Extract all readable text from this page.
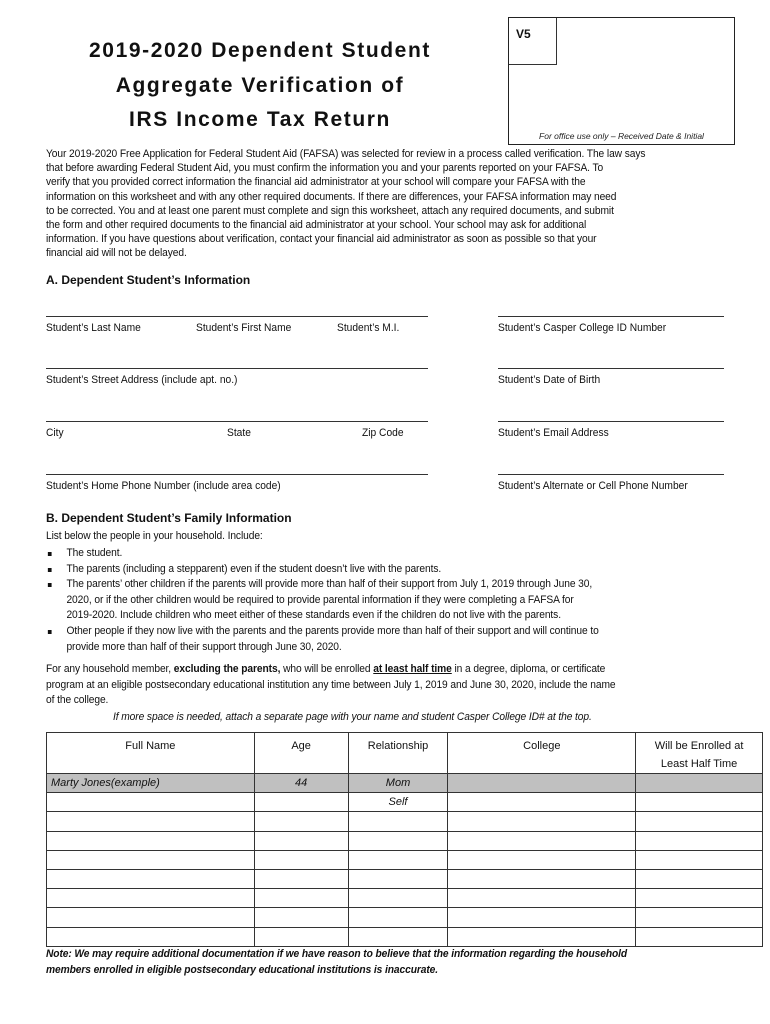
2019-2020 Dependent Student
Aggregate Verification of
IRS Income Tax Return
V5
For office use only – Received Date & Initial
Your 2019-2020 Free Application for Federal Student Aid (FAFSA) was selected for review in a process called verification. The law says
that before awarding Federal Student Aid, you must confirm the information you and your parents reported on your FAFSA. To
verify that you provided correct information the financial aid administrator at your school will compare your FAFSA with the
information on this worksheet and with any other required documents. If there are differences, your FAFSA information may need
to be corrected. You and at least one parent must complete and sign this worksheet, attach any required documents, and submit
the form and other required documents to the financial aid administrator at your school. Your school may ask for additional
information. If you have questions about verification, contact your financial aid administrator as soon as possible so that your
financial aid will not be delayed.
A. Dependent Student’s Information
Student’s Last Name	Student’s First Name	Student’s M.I.	Student’s Casper College ID Number
Student’s Street Address (include apt. no.)	Student’s Date of Birth
City	State	Zip Code	Student’s Email Address
Student’s Home Phone Number (include area code)	Student’s Alternate or Cell Phone Number
B. Dependent Student’s Family Information
List below the people in your household. Include:
The student.
The parents (including a stepparent) even if the student doesn’t live with the parents.
The parents’ other children if the parents will provide more than half of their support from July 1, 2019 through June 30,
2020, or if the other children would be required to provide parental information if they were completing a FAFSA for
2019-2020. Include children who meet either of these standards even if the children do not live with the parents.
Other people if they now live with the parents and the parents provide more than half of their support and will continue to
provide more than half of their support through June 30, 2020.
For any household member, excluding the parents, who will be enrolled at least half time in a degree, diploma, or certificate
program at an eligible postsecondary educational institution any time between July 1, 2019 and June 30, 2020, include the name
of the college.
If more space is needed, attach a separate page with your name and student Casper College ID# at the top.
Full Name	Age	Relationship	College	Will be Enrolled at Least Half Time
Marty Jones(example)	44	Mom		
		Self		

Note: We may require additional documentation if we have reason to believe that the information regarding the household
members enrolled in eligible postsecondary educational institutions is inaccurate.
